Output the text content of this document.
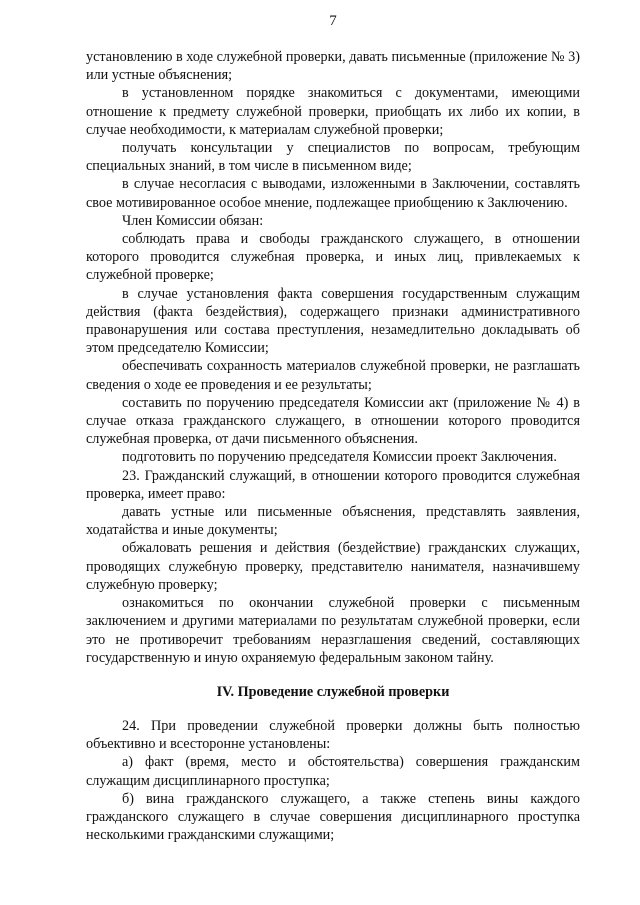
7

установлению в ходе служебной проверки, давать письменные (приложение № 3) или устные объяснения;

в установленном порядке знакомиться с документами, имеющими отношение к предмету служебной проверки, приобщать их либо их копии, в случае необходимости, к материалам служебной проверки;

получать консультации у специалистов по вопросам, требующим специальных знаний, в том числе в письменном виде;

в случае несогласия с выводами, изложенными в Заключении, составлять свое мотивированное особое мнение, подлежащее приобщению к Заключению.

Член Комиссии обязан:

соблюдать права и свободы гражданского служащего, в отношении которого проводится служебная проверка, и иных лиц, привлекаемых к служебной проверке;

в случае установления факта совершения государственным служащим действия (факта бездействия), содержащего признаки административного правонарушения или состава преступления, незамедлительно докладывать об этом председателю Комиссии;

обеспечивать сохранность материалов служебной проверки, не разглашать сведения о ходе ее проведения и ее результаты;

составить по поручению председателя Комиссии акт (приложение № 4) в случае отказа гражданского служащего, в отношении которого проводится служебная проверка, от дачи письменного объяснения.

подготовить по поручению председателя Комиссии проект Заключения.

23. Гражданский служащий, в отношении которого проводится служебная проверка, имеет право:

давать устные или письменные объяснения, представлять заявления, ходатайства и иные документы;

обжаловать решения и действия (бездействие) гражданских служащих, проводящих служебную проверку, представителю нанимателя, назначившему служебную проверку;

ознакомиться по окончании служебной проверки с письменным заключением и другими материалами по результатам служебной проверки, если это не противоречит требованиям неразглашения сведений, составляющих государственную и иную охраняемую федеральным законом тайну.

IV. Проведение служебной проверки

24. При проведении служебной проверки должны быть полностью объективно и всесторонне установлены:

а) факт (время, место и обстоятельства) совершения гражданским служащим дисциплинарного проступка;

б) вина гражданского служащего, а также степень вины каждого гражданского служащего в случае совершения дисциплинарного проступка несколькими гражданскими служащими;
